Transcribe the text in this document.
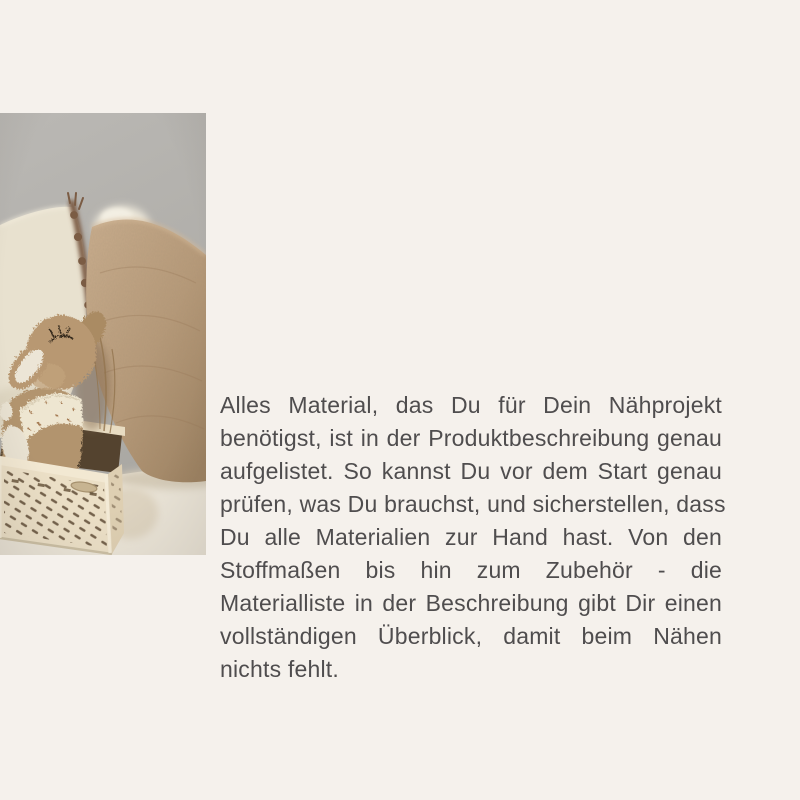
Alles Material, das Du für Dein Nähprojekt
benötigst, ist in der Produktbeschreibung genau
aufgelistet. So kannst Du vor dem Start genau
prüfen, was Du brauchst, und sicherstellen, dass
Du alle Materialien zur Hand hast. Von den
Stoffmaßen bis hin zum Zubehör - die
Materialliste in der Beschreibung gibt Dir einen
vollständigen Überblick, damit beim Nähen
nichts fehlt.
